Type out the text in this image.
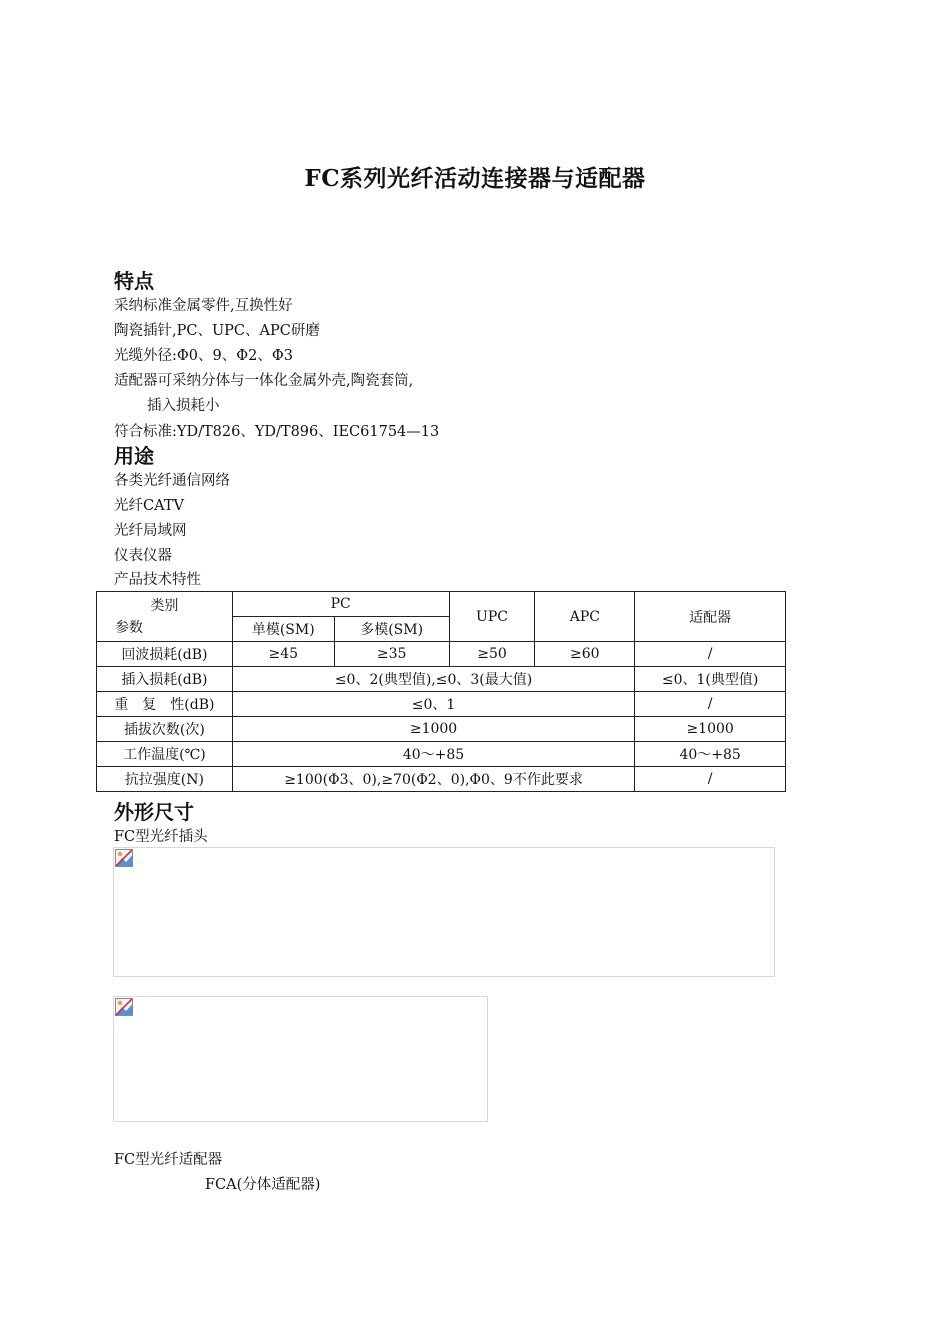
FC系列光纤活动连接器与适配器
特点
采纳标准金属零件,互换性好
陶瓷插针,PC、UPC、APC研磨
光缆外径:Φ0、9、Φ2、Φ3
适配器可采纳分体与一体化金属外壳,陶瓷套筒,
插入损耗小
符合标准:YD/T826、YD/T896、IEC61754—13
用途
各类光纤通信网络
光纤CATV
光纤局域网
仪表仪器
产品技术特性
类别
参数	PC		UPC	APC	适配器
	单模(SM)	多模(SM)			
回波损耗(dB)	≥45	≥35	≥50	≥60	/
插入损耗(dB)	≤0、2(典型值),≤0、3(最大值)				≤0、1(典型值)
重　复　性(dB)	≤0、1				/
插拔次数(次)	≥1000				≥1000
工作温度(℃)	40～+85				40～+85
抗拉强度(N)	≥100(Φ3、0),≥70(Φ2、0),Φ0、9不作此要求				/
外形尺寸
FC型光纤插头
FC型光纤适配器
FCA(分体适配器)
